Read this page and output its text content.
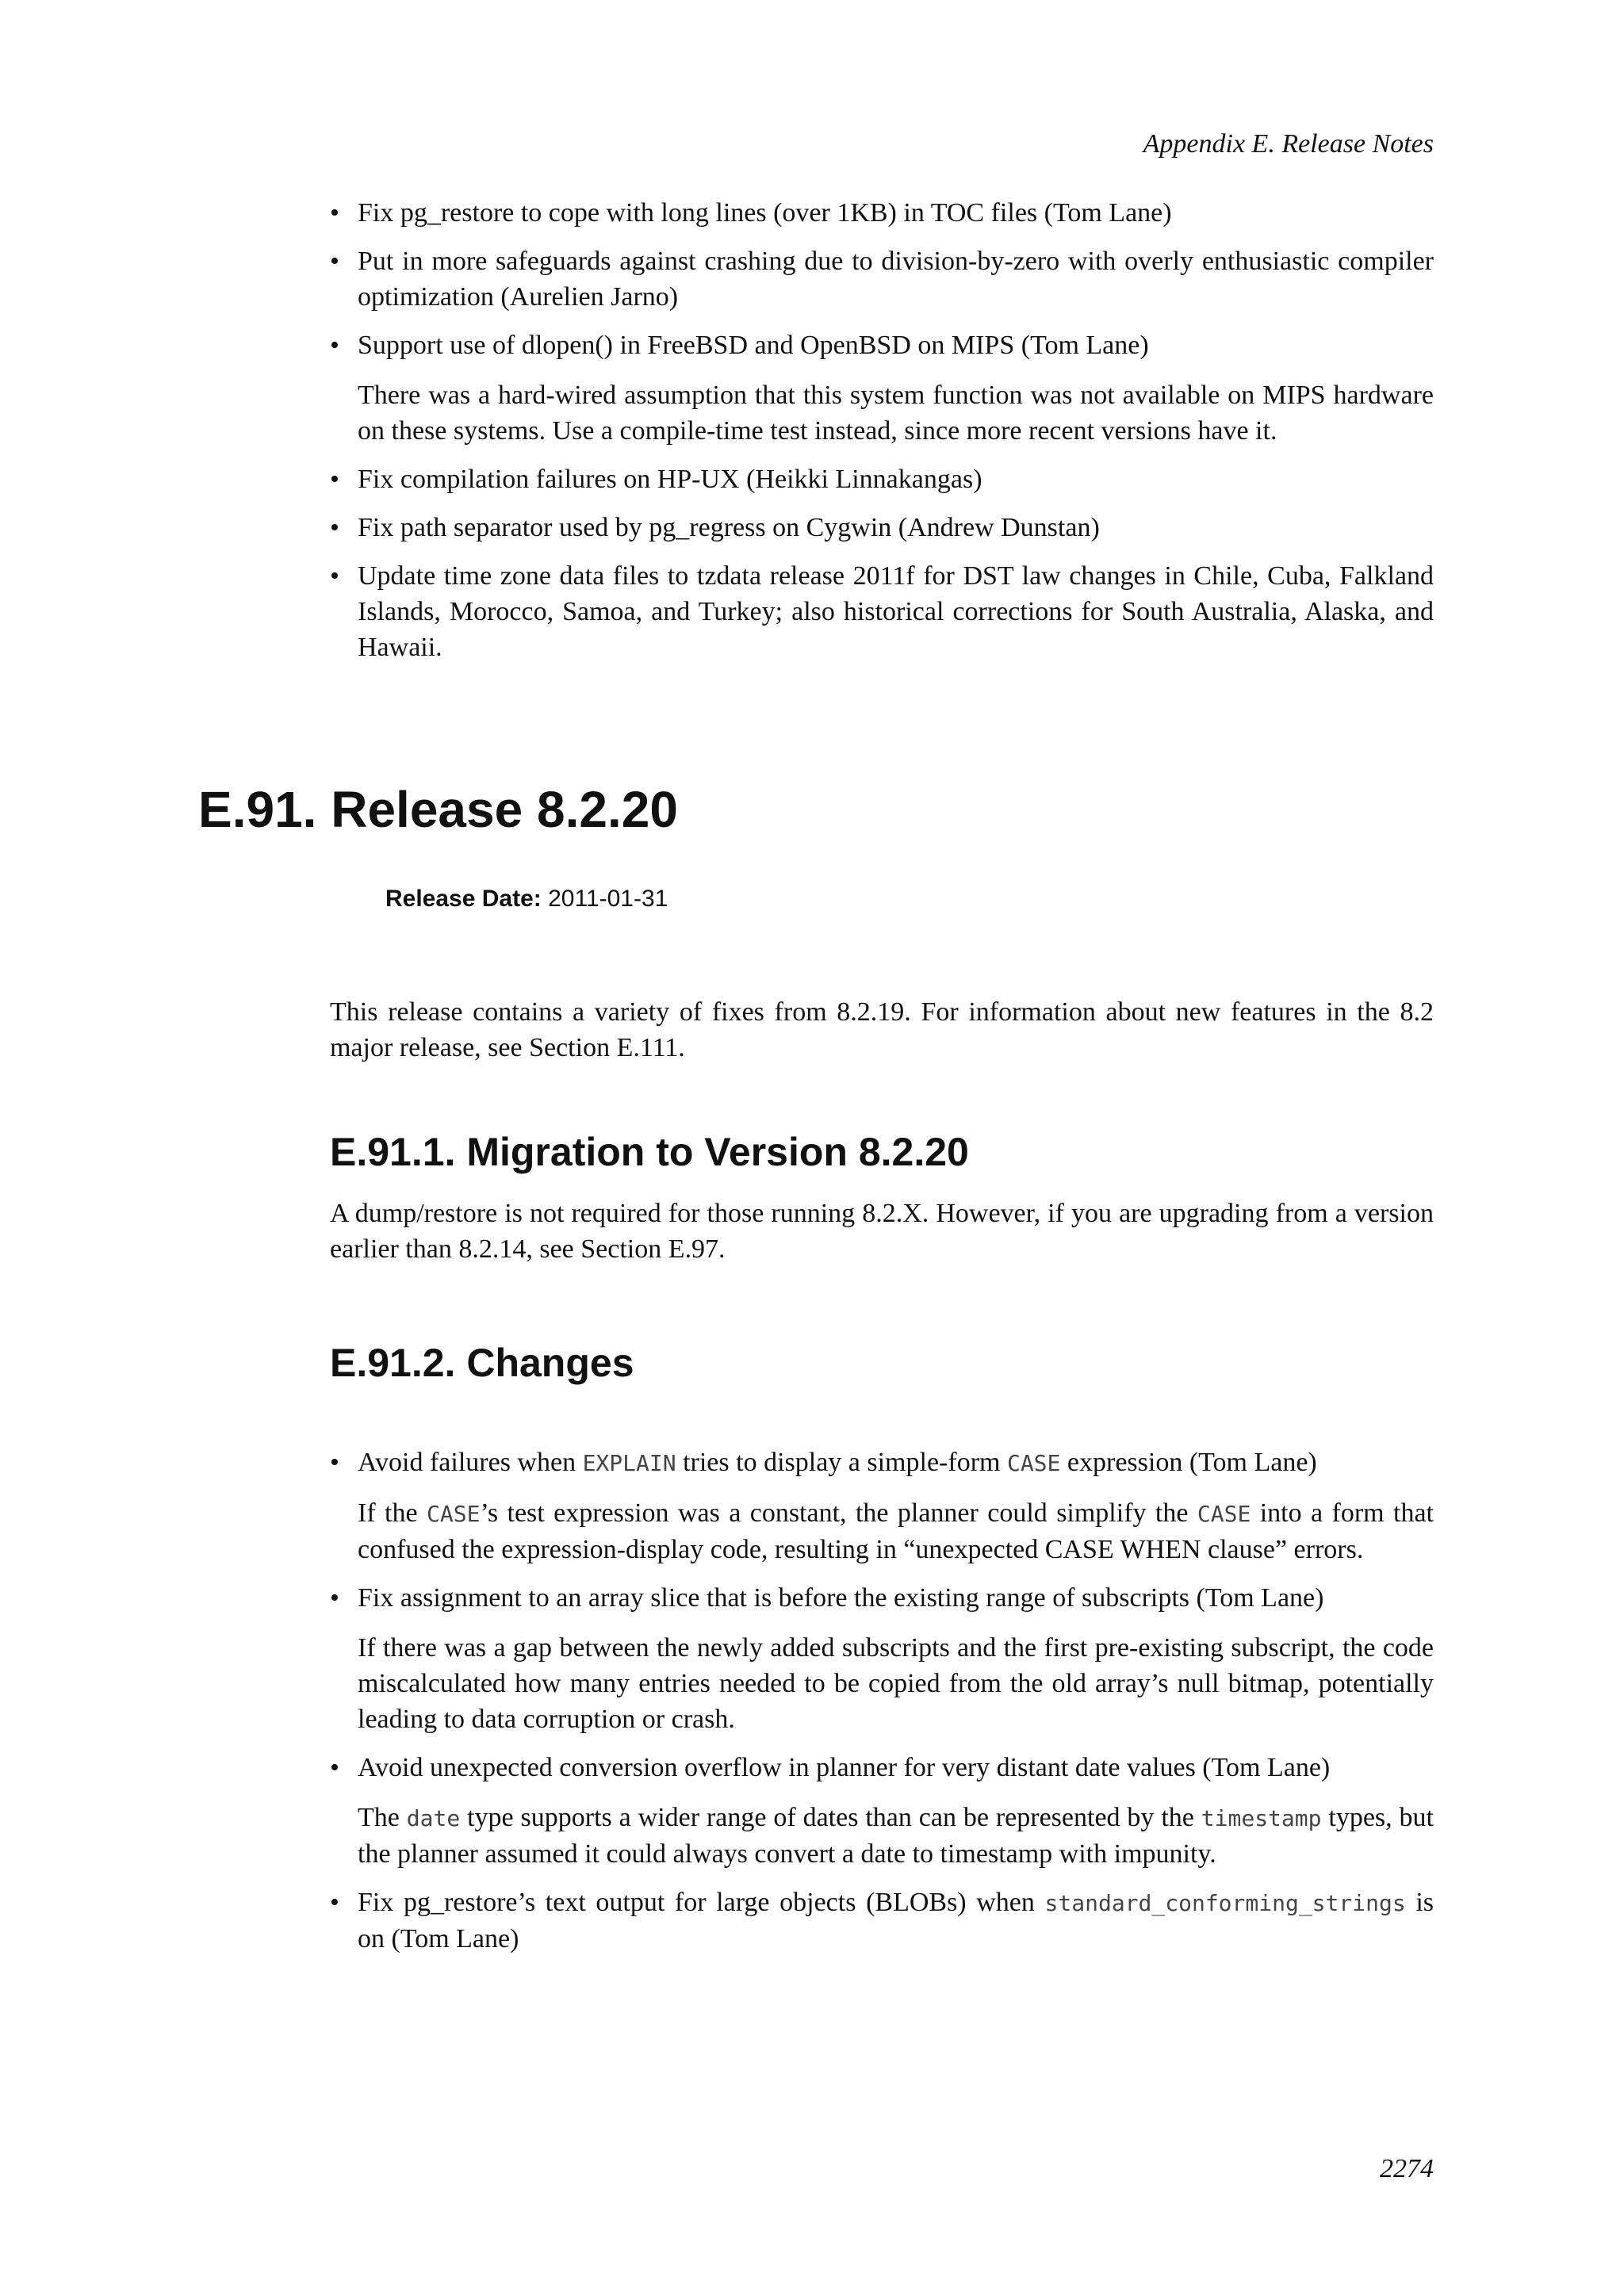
Appendix E. Release Notes
• Fix pg_restore to cope with long lines (over 1KB) in TOC files (Tom Lane)
• Put in more safeguards against crashing due to division-by-zero with overly enthusiastic compiler optimization (Aurelien Jarno)
• Support use of dlopen() in FreeBSD and OpenBSD on MIPS (Tom Lane)
There was a hard-wired assumption that this system function was not available on MIPS hardware on these systems. Use a compile-time test instead, since more recent versions have it.
• Fix compilation failures on HP-UX (Heikki Linnakangas)
• Fix path separator used by pg_regress on Cygwin (Andrew Dunstan)
• Update time zone data files to tzdata release 2011f for DST law changes in Chile, Cuba, Falkland Islands, Morocco, Samoa, and Turkey; also historical corrections for South Australia, Alaska, and Hawaii.
E.91. Release 8.2.20
Release Date: 2011-01-31
This release contains a variety of fixes from 8.2.19. For information about new features in the 8.2 major release, see Section E.111.
E.91.1. Migration to Version 8.2.20
A dump/restore is not required for those running 8.2.X. However, if you are upgrading from a version earlier than 8.2.14, see Section E.97.
E.91.2. Changes
• Avoid failures when EXPLAIN tries to display a simple-form CASE expression (Tom Lane)
If the CASE’s test expression was a constant, the planner could simplify the CASE into a form that confused the expression-display code, resulting in “unexpected CASE WHEN clause” errors.
• Fix assignment to an array slice that is before the existing range of subscripts (Tom Lane)
If there was a gap between the newly added subscripts and the first pre-existing subscript, the code miscalculated how many entries needed to be copied from the old array’s null bitmap, potentially leading to data corruption or crash.
• Avoid unexpected conversion overflow in planner for very distant date values (Tom Lane)
The date type supports a wider range of dates than can be represented by the timestamp types, but the planner assumed it could always convert a date to timestamp with impunity.
• Fix pg_restore’s text output for large objects (BLOBs) when standard_conforming_strings is on (Tom Lane)
2274
